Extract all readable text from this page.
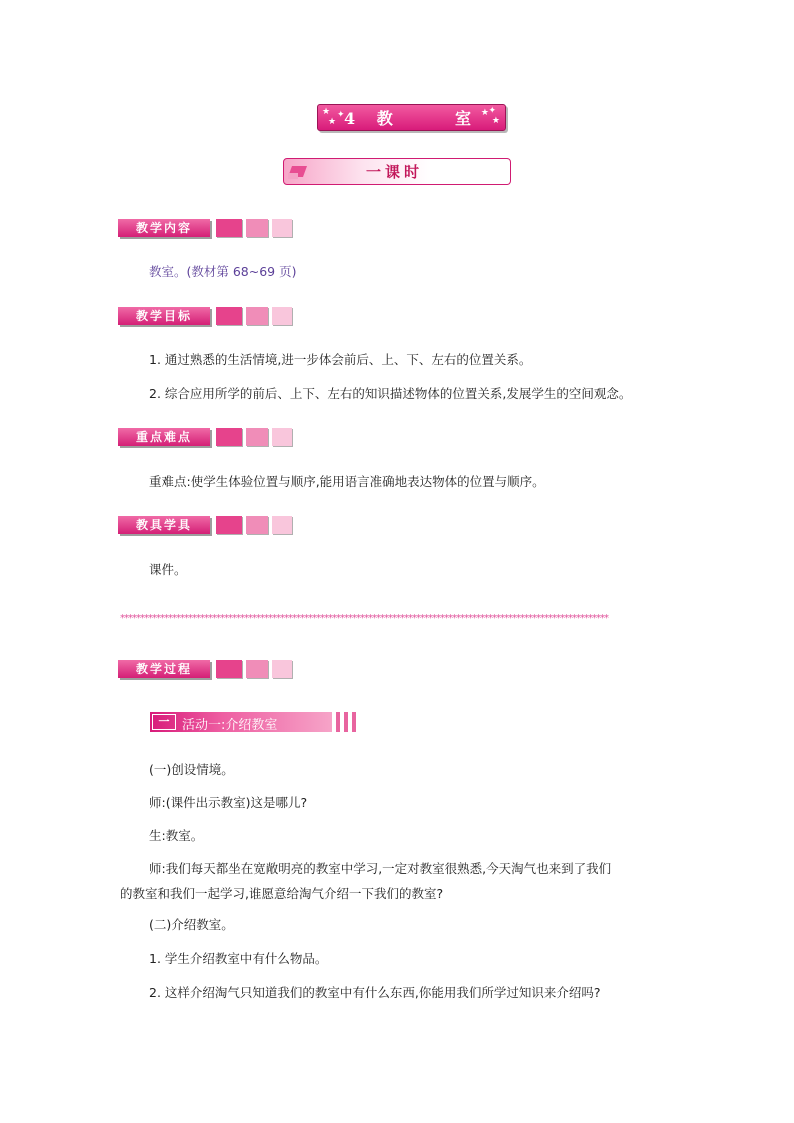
★
★
✦ 4 教    室 ★
★
✦
一课时
教学内容
教室。(教材第 68~69 页)
教学目标
1. 通过熟悉的生活情境,进一步体会前后、上、下、左右的位置关系。
2. 综合应用所学的前后、上下、左右的知识描述物体的位置关系,发展学生的空间观念。
重点难点
重难点:使学生体验位置与顺序,能用语言准确地表达物体的位置与顺序。
教具学具
课件。
**************************************************************************************************************************
教学过程
一 活动一:介绍教室
(一)创设情境。
师:(课件出示教室)这是哪儿?
生:教室。
师:我们每天都坐在宽敞明亮的教室中学习,一定对教室很熟悉,今天淘气也来到了我们
的教室和我们一起学习,谁愿意给淘气介绍一下我们的教室?
(二)介绍教室。
1. 学生介绍教室中有什么物品。
2. 这样介绍淘气只知道我们的教室中有什么东西,你能用我们所学过知识来介绍吗?
